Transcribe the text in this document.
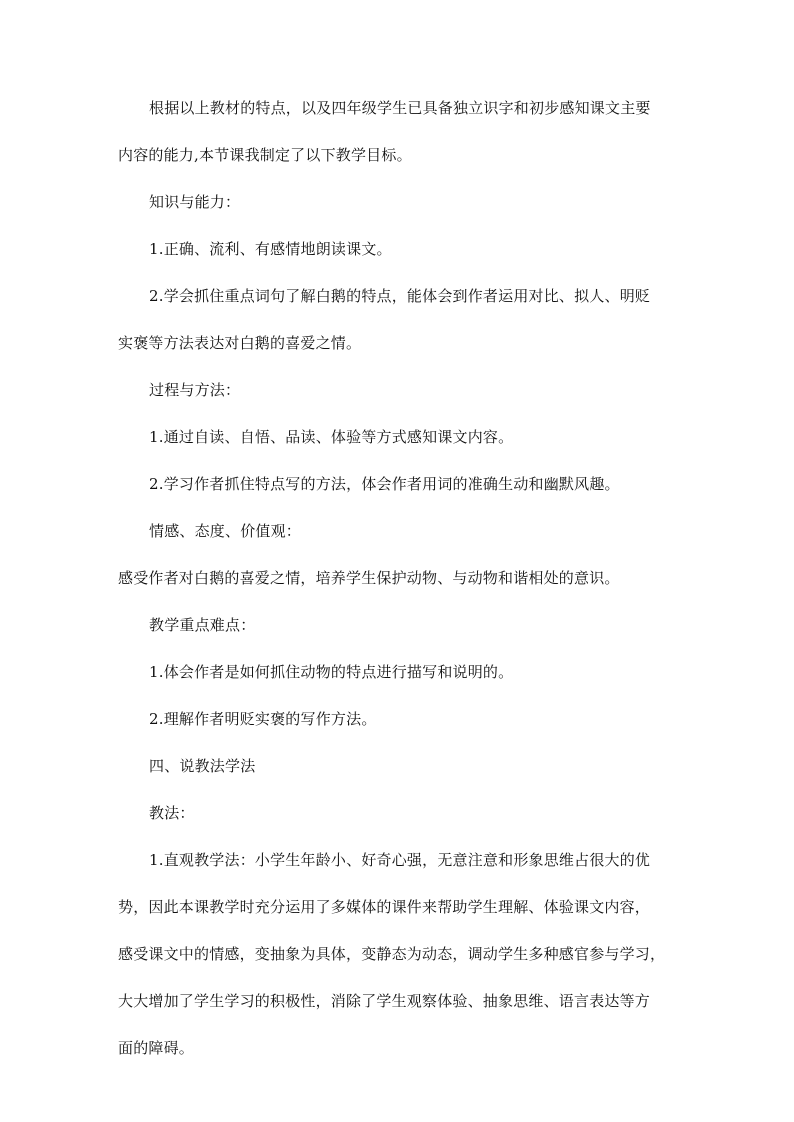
根据以上教材的特点，以及四年级学生已具备独立识字和初步感知课文主要
内容的能力,本节课我制定了以下教学目标。
知识与能力：
1.正确、流利、有感情地朗读课文。
2.学会抓住重点词句了解白鹅的特点，能体会到作者运用对比、拟人、明贬
实褒等方法表达对白鹅的喜爱之情。
过程与方法：
1.通过自读、自悟、品读、体验等方式感知课文内容。
2.学习作者抓住特点写的方法，体会作者用词的准确生动和幽默风趣。
情感、态度、价值观：
感受作者对白鹅的喜爱之情，培养学生保护动物、与动物和谐相处的意识。
教学重点难点：
1.体会作者是如何抓住动物的特点进行描写和说明的。
2.理解作者明贬实褒的写作方法。
四、说教法学法
教法：
1.直观教学法：小学生年龄小、好奇心强，无意注意和形象思维占很大的优
势，因此本课教学时充分运用了多媒体的课件来帮助学生理解、体验课文内容，
感受课文中的情感，变抽象为具体，变静态为动态，调动学生多种感官参与学习，
大大增加了学生学习的积极性，消除了学生观察体验、抽象思维、语言表达等方
面的障碍。
